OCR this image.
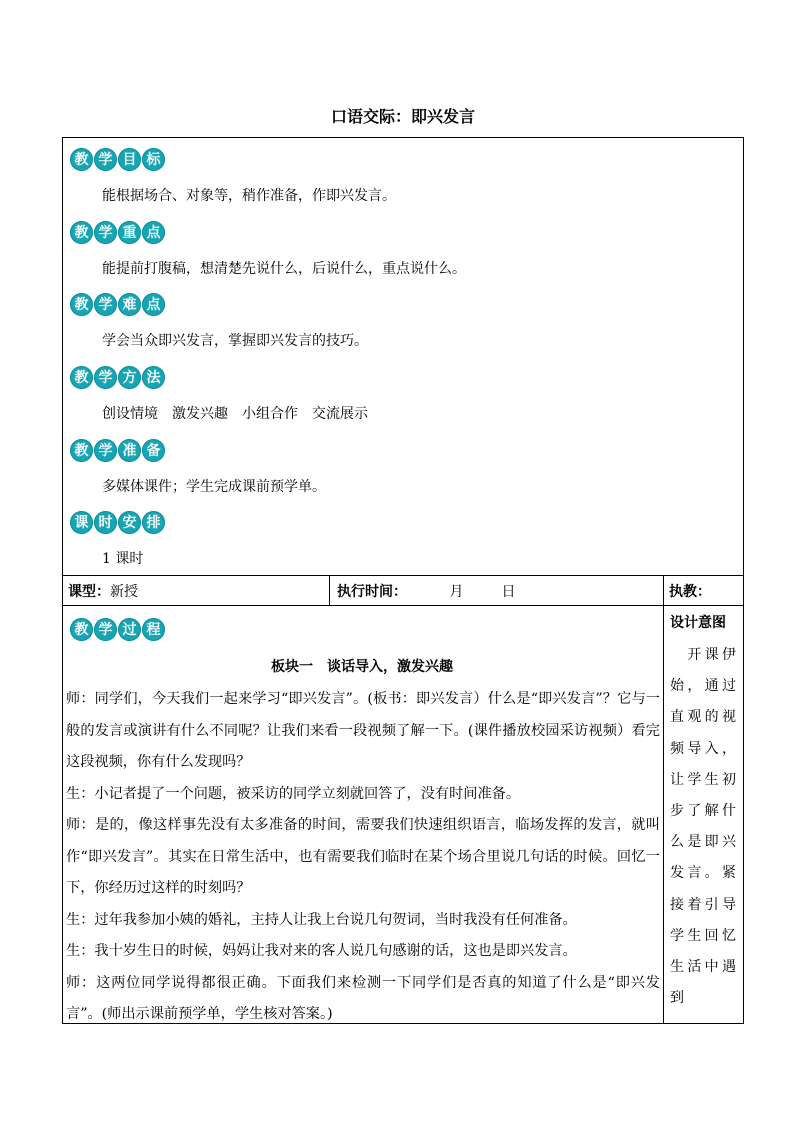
口语交际：即兴发言
教 学 目 标
能根据场合、对象等，稍作准备，作即兴发言。
教 学 重 点
能提前打腹稿，想清楚先说什么，后说什么，重点说什么。
教 学 难 点
学会当众即兴发言，掌握即兴发言的技巧。
教 学 方 法
创设情境　激发兴趣　小组合作　交流展示
教 学 准 备
多媒体课件；学生完成课前预学单。
课 时 安 排
1 课时
课型：新授	执行时间：	月	日	执教：
教 学 过 程
板块一　谈话导入，激发兴趣

师：同学们，今天我们一起来学习“即兴发言”。(板书：即兴发言）什么是“即兴发言”？它与一般的发言或演讲有什么不同呢？让我们来看一段视频了解一下。(课件播放校园采访视频）看完这段视频，你有什么发现吗？

生：小记者提了一个问题，被采访的同学立刻就回答了，没有时间准备。

师：是的，像这样事先没有太多准备的时间，需要我们快速组织语言，临场发挥的发言，就叫作“即兴发言”。其实在日常生活中，也有需要我们临时在某个场合里说几句话的时候。回忆一下，你经历过这样的时刻吗？

生：过年我参加小姨的婚礼，主持人让我上台说几句贺词，当时我没有任何准备。

生：我十岁生日的时候，妈妈让我对来的客人说几句感谢的话，这也是即兴发言。

师：这两位同学说得都很正确。下面我们来检测一下同学们是否真的知道了什么是“即兴发言”。(师出示课前预学单，学生核对答案。)

设计意图
　开课伊始，通过直观的视频导入，让学生初步了解什么是即兴发言。紧接着引导学生回忆生活中遇到
